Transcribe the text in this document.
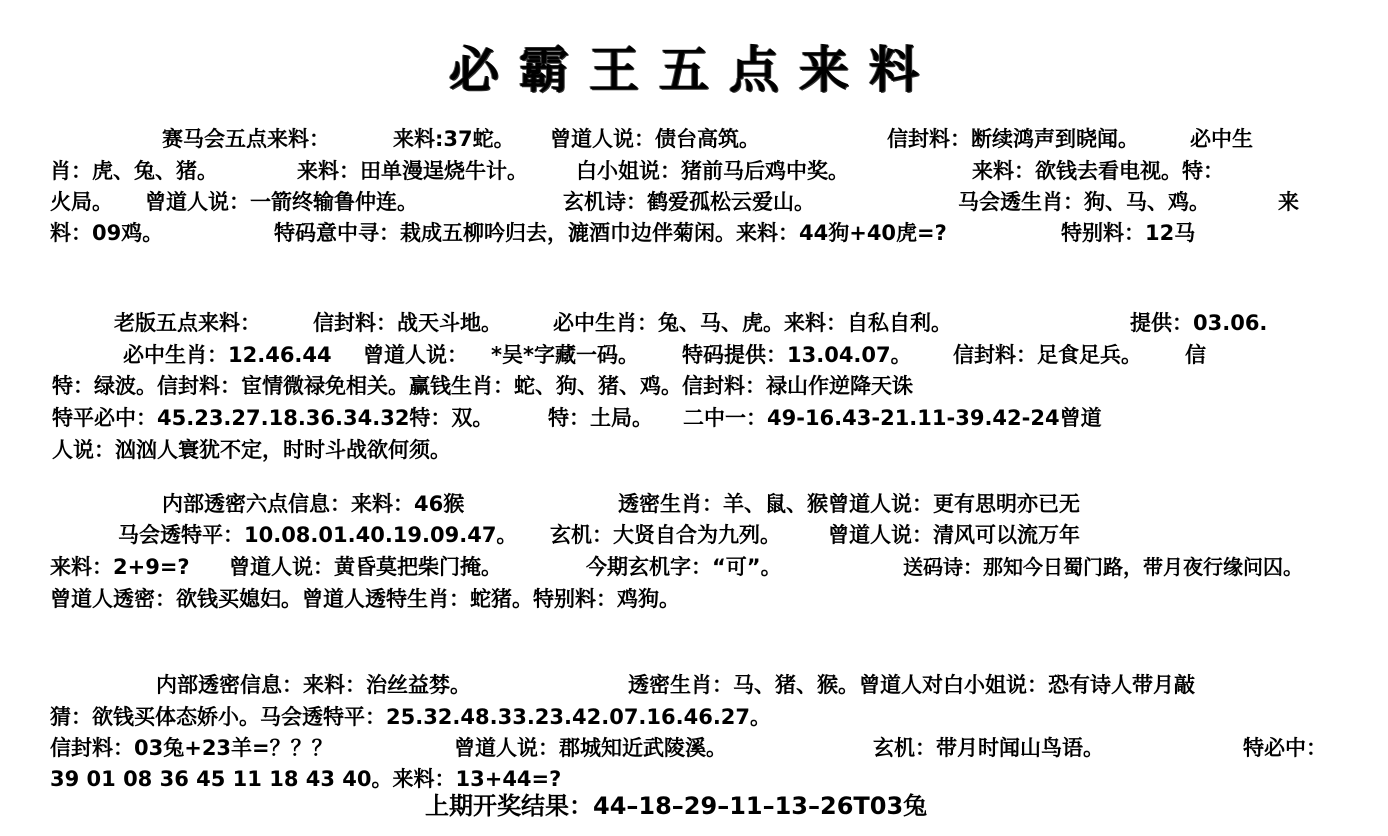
必霸王五点来料
赛马会五点来料：	来料:37蛇。 曾道人说：债台高筑。	信封料：断续鸿声到晓闻。 必中生
肖：虎、兔、猪。	来料：田单漫逞烧牛计。 白小姐说：猪前马后鸡中奖。	来料：欲钱去看电视。特：
火局。 曾道人说：一箭终输鲁仲连。	玄机诗：鹤爱孤松云爱山。	马会透生肖：狗、马、鸡。	来
料：09鸡。	特码意中寻：栽成五柳吟归去，漉酒巾边伴菊闲。来料：44狗+40虎=?	特别料：12马
老版五点来料： 信封料：战天斗地。 必中生肖：兔、马、虎。来料：自私自利。	提供：03.06.
必中生肖：12.46.44 曾道人说： *吴*字藏一码。 特码提供：13.04.07。 信封料：足食足兵。 信
特：绿波。信封料：宦情微禄免相关。赢钱生肖：蛇、狗、猪、鸡。信封料：禄山作逆降天诛
特平必中：45.23.27.18.36.34.32特：双。	特：土局。 二中一：49-16.43-21.11-39.42-24曾道
人说：汹汹人寰犹不定，时时斗战欲何须。
内部透密六点信息：来料：46猴	透密生肖：羊、鼠、猴曾道人说：更有思明亦已无
马会透特平：10.08.01.40.19.09.47。 玄机：大贤自合为九列。 曾道人说：清风可以流万年
来料：2+9=? 曾道人说：黄昏莫把柴门掩。	今期玄机字：“可”。	送码诗：那知今日蜀门路，带月夜行缘问囚。
曾道人透密：欲钱买媳妇。曾道人透特生肖：蛇猪。特别料：鸡狗。
内部透密信息：来料：治丝益棼。	透密生肖：马、猪、猴。曾道人对白小姐说：恐有诗人带月敲
猜：欲钱买体态娇小。马会透特平：25.32.48.33.23.42.07.16.46.27。
信封料：03兔+23羊=？？？	曾道人说：郡城知近武陵溪。	玄机：带月时闻山鸟语。	特必中：
39 01 08 36 45 11 18 43 40。来料：13+44=?
上期开奖结果：44–18–29–11–13–26T03兔
